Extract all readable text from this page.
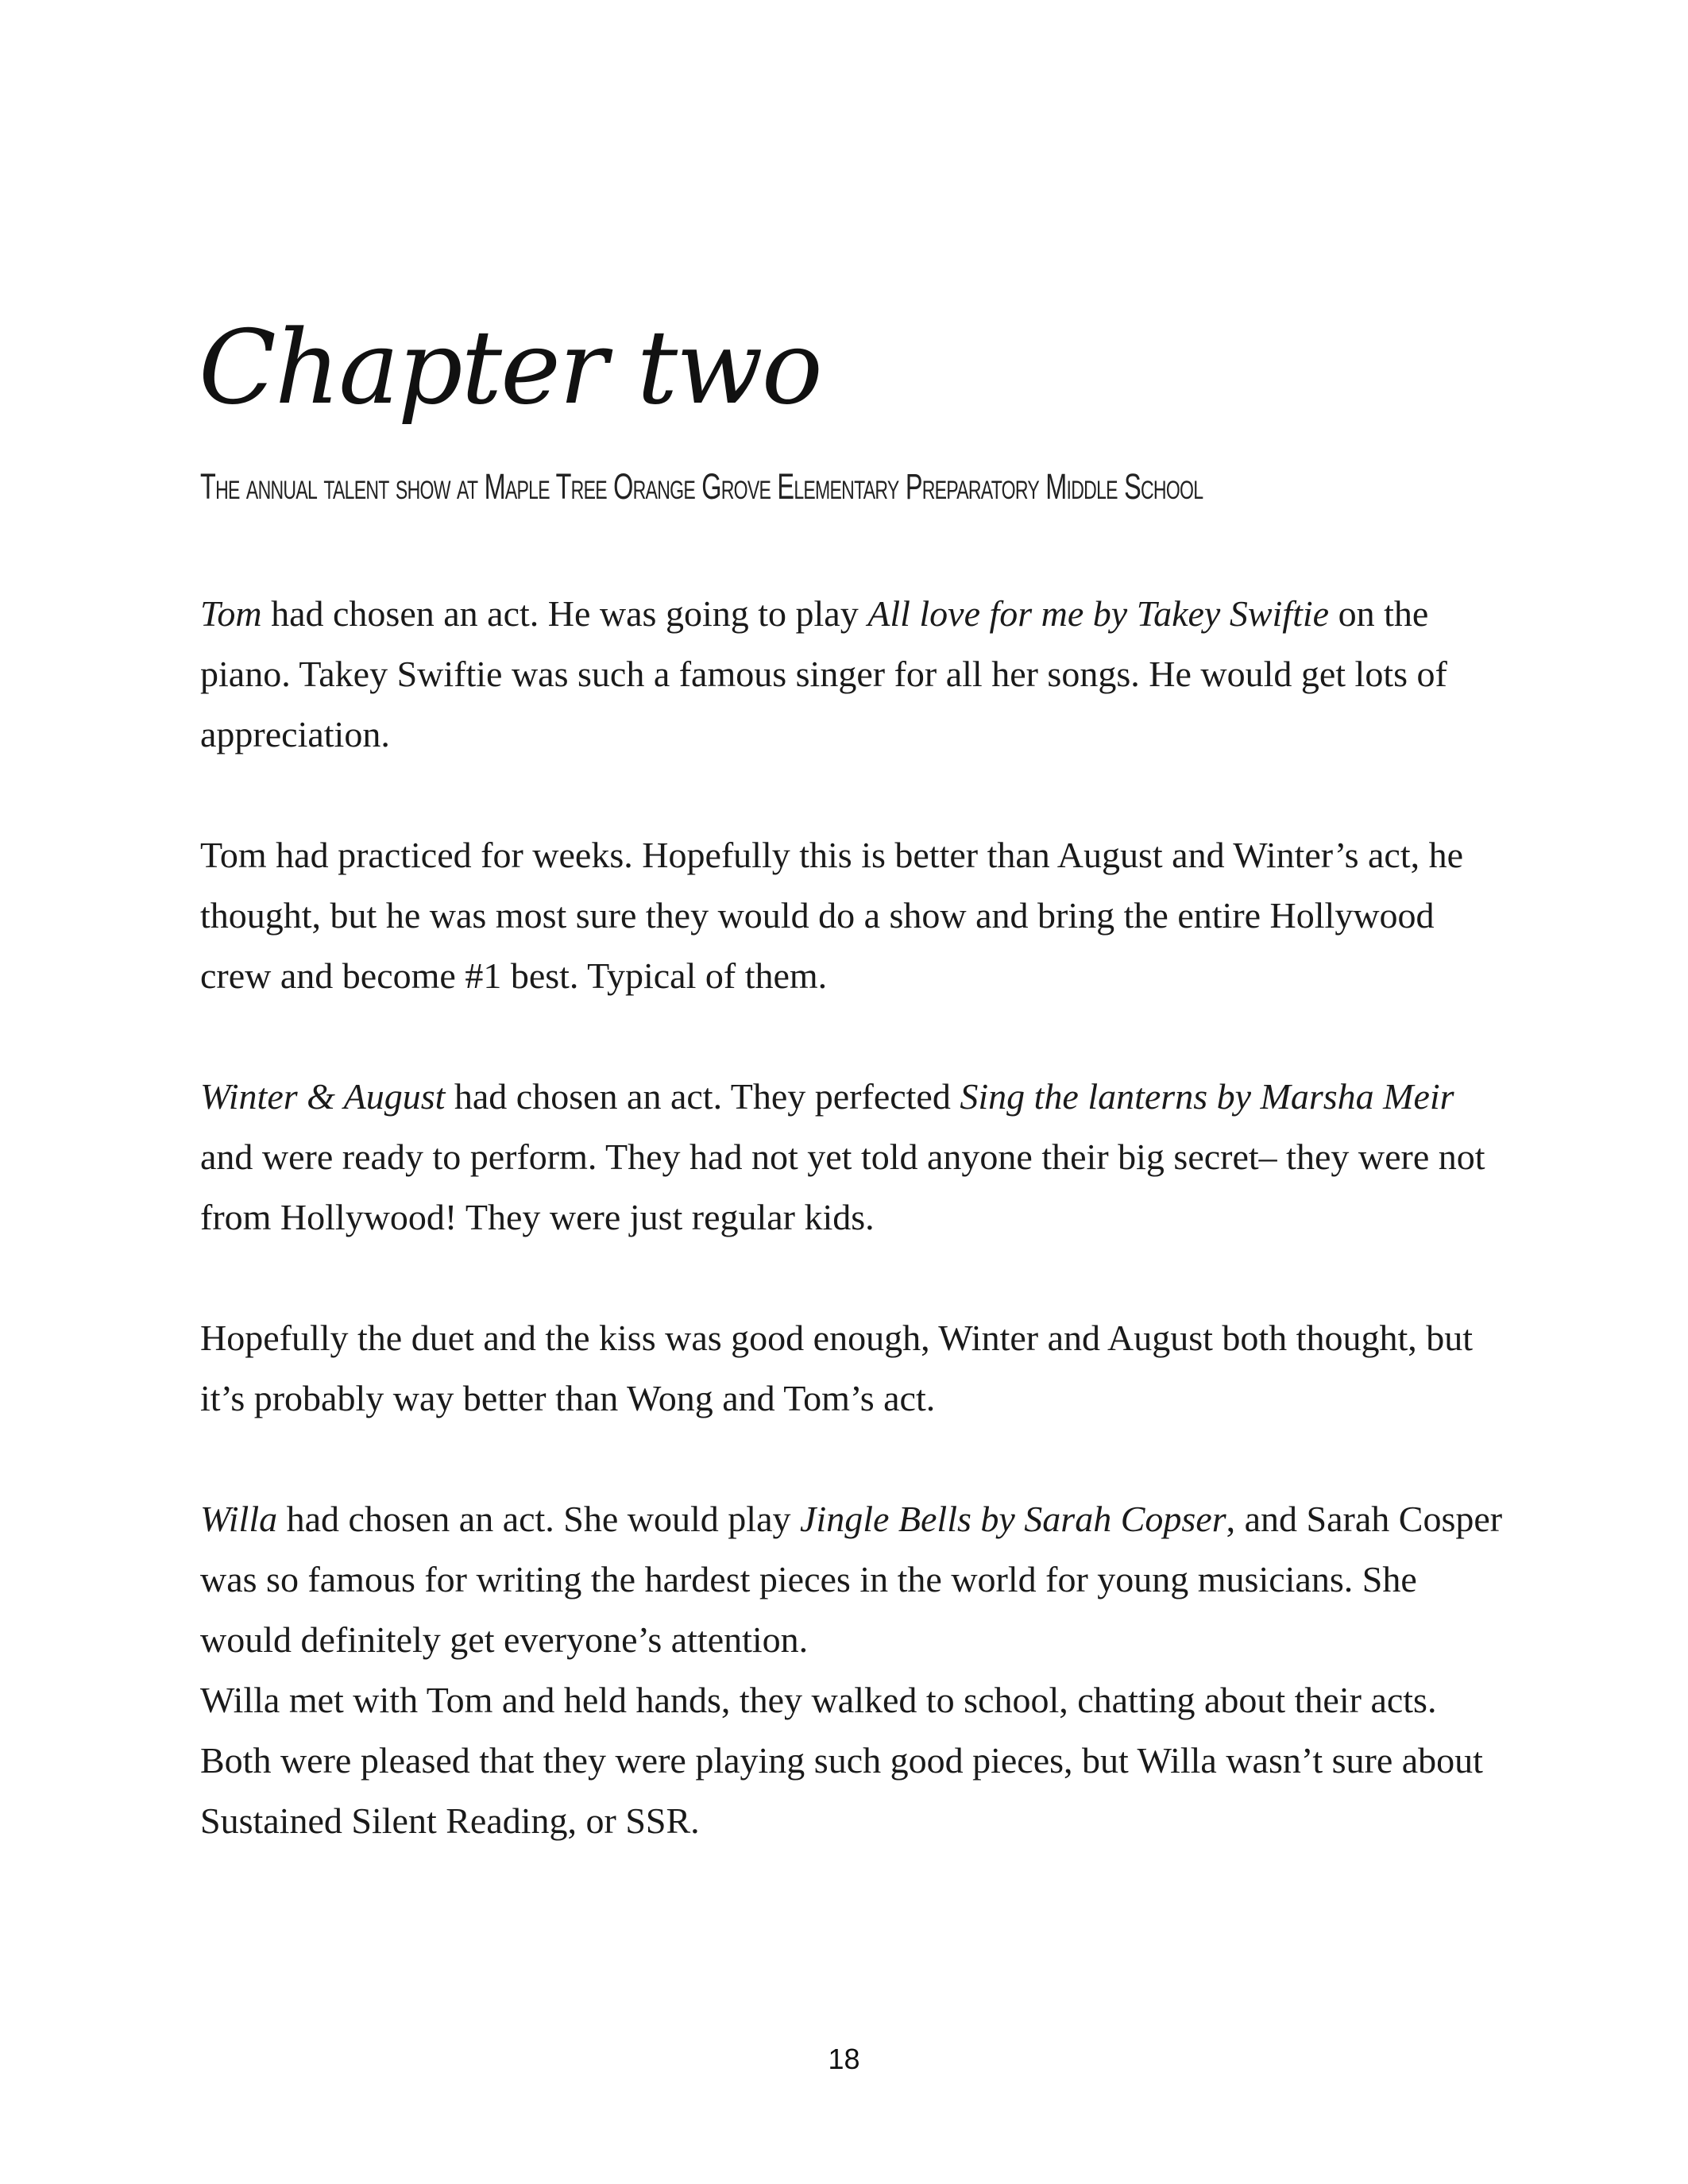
Chapter two
The annual talent show at Maple Tree Orange Grove Elementary Preparatory Middle School

Tom had chosen an act. He was going to play All love for me by Takey Swiftie on the piano. Takey Swiftie was such a famous singer for all her songs. He would get lots of appreciation.

Tom had practiced for weeks. Hopefully this is better than August and Winter’s act, he thought, but he was most sure they would do a show and bring the entire Hollywood crew and become #1 best. Typical of them.

Winter & August had chosen an act. They perfected Sing the lanterns by Marsha Meir and were ready to perform. They had not yet told anyone their big secret– they were not from Hollywood! They were just regular kids.

Hopefully the duet and the kiss was good enough, Winter and August both thought, but it’s probably way better than Wong and Tom’s act.

Willa had chosen an act. She would play Jingle Bells by Sarah Copser, and Sarah Cosper was so famous for writing the hardest pieces in the world for young musicians. She would definitely get everyone’s attention.

Willa met with Tom and held hands, they walked to school, chatting about their acts. Both were pleased that they were playing such good pieces, but Willa wasn’t sure about Sustained Silent Reading, or SSR.

18
